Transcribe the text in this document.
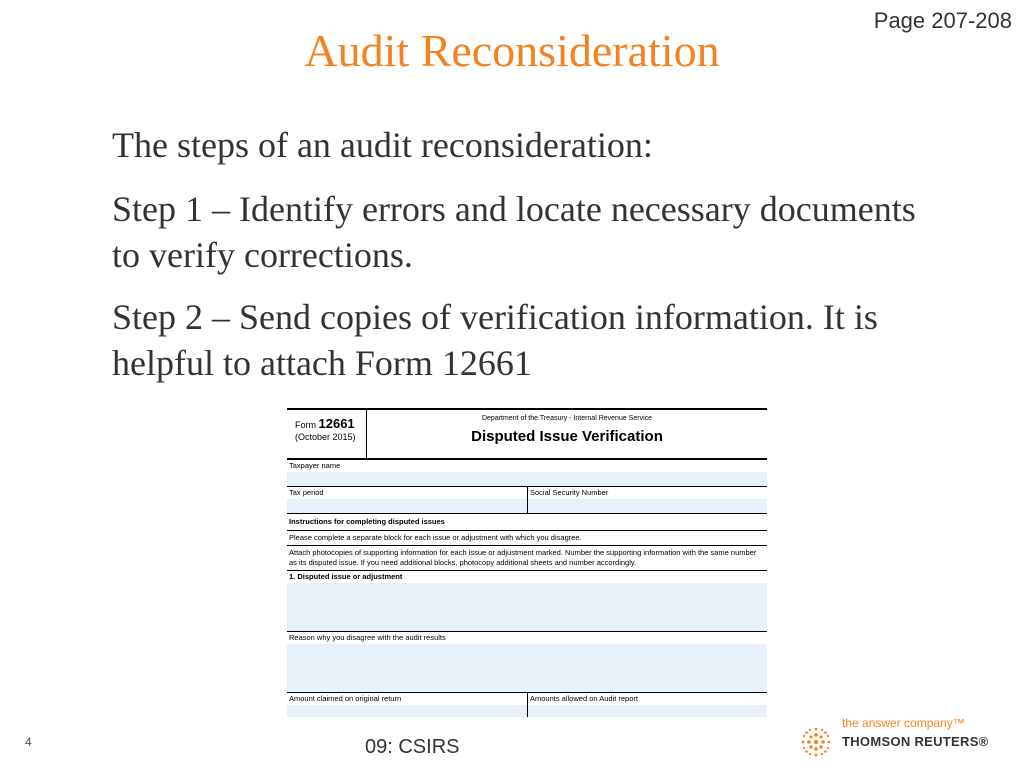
Page 207-208
Audit Reconsideration
The steps of an audit reconsideration:
Step 1 – Identify errors and locate necessary documents to verify corrections.
Step 2 – Send copies of verification information. It is helpful to attach Form 12661
Form 12661
(October 2015)
Department of the Treasury - Internal Revenue Service
Disputed Issue Verification
Taxpayer name
Tax period	Social Security Number
Instructions for completing disputed issues
Please complete a separate block for each issue or adjustment with which you disagree.
Attach photocopies of supporting information for each issue or adjustment marked. Number the supporting information with the same number as its disputed issue. If you need additional blocks, photocopy additional sheets and number accordingly.
1. Disputed issue or adjustment
Reason why you disagree with the audit results
Amount claimed on original return	Amounts allowed on Audit report
4	09: CSIRS
the answer company™
THOMSON REUTERS®
